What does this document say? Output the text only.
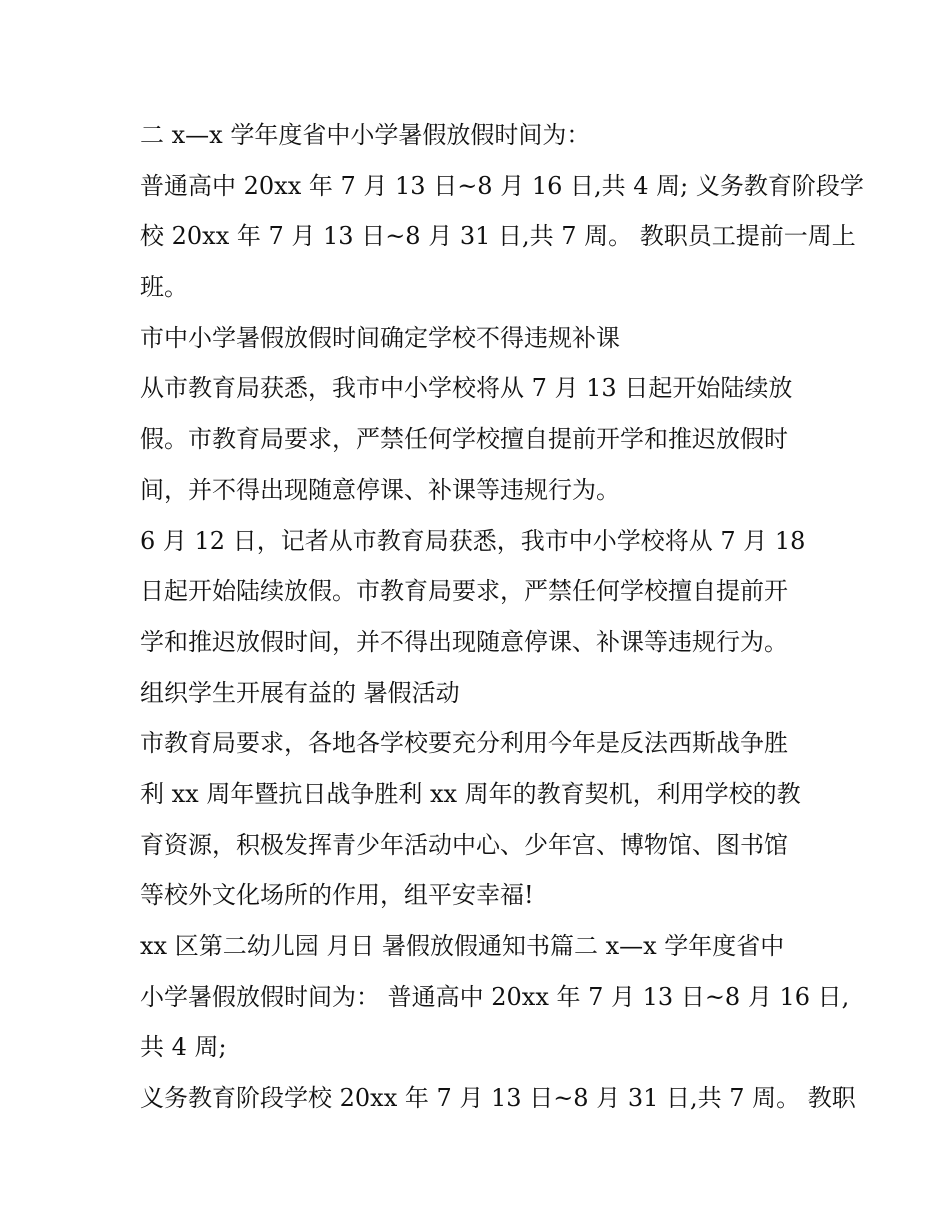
二 x—x 学年度省中小学暑假放假时间为：
普通高中 20xx 年 7 月 13 日~8 月 16 日,共 4 周; 义务教育阶段学
校 20xx 年 7 月 13 日~8 月 31 日,共 7 周。 教职员工提前一周上
班。
市中小学暑假放假时间确定学校不得违规补课
从市教育局获悉，我市中小学校将从 7 月 13 日起开始陆续放
假。市教育局要求，严禁任何学校擅自提前开学和推迟放假时
间，并不得出现随意停课、补课等违规行为。
6 月 12 日，记者从市教育局获悉，我市中小学校将从 7 月 18
日起开始陆续放假。市教育局要求，严禁任何学校擅自提前开
学和推迟放假时间，并不得出现随意停课、补课等违规行为。
组织学生开展有益的 暑假活动
市教育局要求，各地各学校要充分利用今年是反法西斯战争胜
利 xx 周年暨抗日战争胜利 xx 周年的教育契机，利用学校的教
育资源，积极发挥青少年活动中心、少年宫、博物馆、图书馆
等校外文化场所的作用，组平安幸福!
xx 区第二幼儿园 月日 暑假放假通知书篇二 x—x 学年度省中
小学暑假放假时间为： 普通高中 20xx 年 7 月 13 日~8 月 16 日,
共 4 周;
义务教育阶段学校 20xx 年 7 月 13 日~8 月 31 日,共 7 周。 教职
